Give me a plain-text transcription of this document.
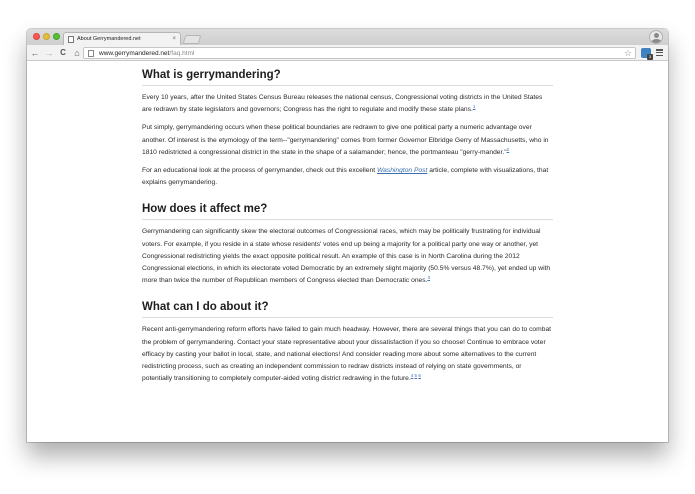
About Gerrymandered.net	×
← → C ⌂	www.gerrymandered.net/faq.html	☆	3
What is gerrymandering?

Every 10 years, after the United States Census Bureau releases the national census, Congressional voting districts in the United States are redrawn by state legislators and governors; Congress has the right to regulate and modify these state plans.$^1$

Put simply, gerrymandering occurs when these political boundaries are redrawn to give one political party a numeric advantage over another. Of interest is the etymology of the term--"gerrymandering" comes from former Governor Elbridge Gerry of Massachusetts, who in 1810 redistricted a congressional district in the state in the shape of a salamander; hence, the portmanteau "gerry-mander."$^2$

For an educational look at the process of gerrymander, check out this excellent Washington Post article, complete with visualizations, that explains gerrymandering.

How does it affect me?

Gerrymandering can significantly skew the electoral outcomes of Congressional races, which may be politically frustrating for individual voters. For example, if you reside in a state whose residents' votes end up being a majority for a political party one way or another, yet Congressional redistricting yields the exact opposite political result. An example of this case is in North Carolina during the 2012 Congressional elections, in which its electorate voted Democratic by an extremely slight majority (50.5% versus 48.7%), yet ended up with more than twice the number of Republican members of Congress elected than Democratic ones.$^3$

What can I do about it?

Recent anti-gerrymandering reform efforts have failed to gain much headway. However, there are several things that you can do to combat the problem of gerrymandering. Contact your state representative about your dissatisfaction if you so choose! Continue to embrace voter efficacy by casting your ballot in local, state, and national elections! And consider reading more about some alternatives to the current redistricting process, such as creating an independent commission to redraw districts instead of relying on state governments, or potentially transitioning to completely computer-aided voting district redrawing in the future.$^{4 5 6}$
